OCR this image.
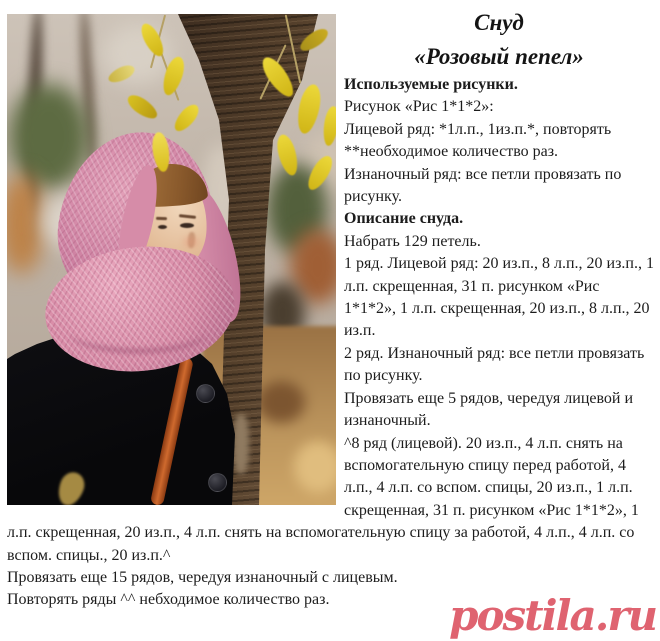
Снуд
«Розовый пепел»
Используемые рисунки.
Рисунок «Рис 1*1*2»:
Лицевой ряд: *1л.п., 1из.п.*, повторять **необходимое количество раз.
Изнаночный ряд: все петли провязать по рисунку.
Описание снуда.
Набрать 129 петель.
1 ряд. Лицевой ряд: 20 из.п., 8 л.п., 20 из.п., 1 л.п. скрещенная, 31 п. рисунком «Рис 1*1*2», 1 л.п. скрещенная, 20 из.п., 8 л.п., 20 из.п.
2 ряд. Изнаночный ряд: все петли провязать по рисунку.
Провязать еще 5 рядов, чередуя лицевой и изнаночный.
^8 ряд (лицевой). 20 из.п., 4 л.п. снять на вспомогательную спицу перед работой, 4 л.п., 4 л.п. со вспом. спицы, 20 из.п., 1 л.п. скрещенная, 31 п. рисунком «Рис 1*1*2», 1 л.п. скрещенная, 20 из.п., 4 л.п. снять на вспомогательную спицу за работой, 4 л.п., 4 л.п. со вспом. спицы., 20 из.п.^
Провязать еще 15 рядов, чередуя изнаночный с лицевым.
Повторять ряды ^^ небходимое количество раз.	postila.ru
